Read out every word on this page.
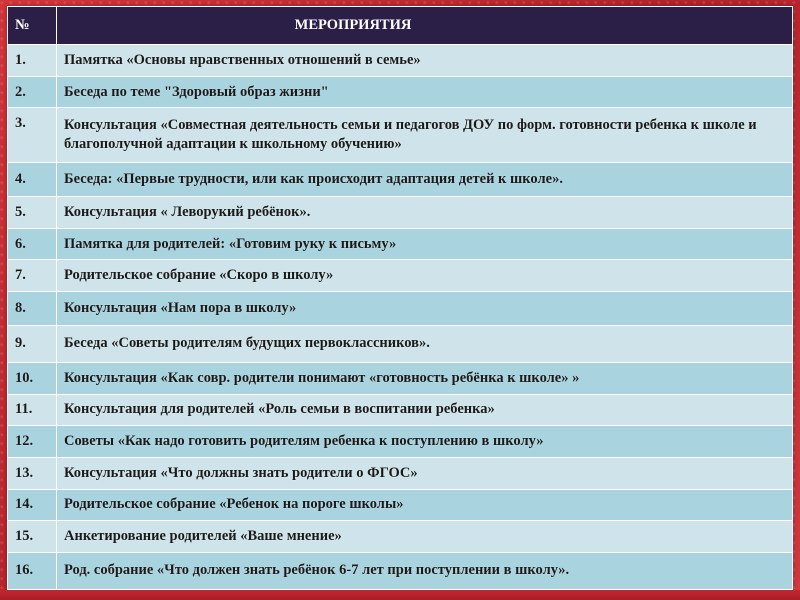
№	МЕРОПРИЯТИЯ
1.	Памятка «Основы нравственных отношений в семье»
2.	Беседа по теме "Здоровый образ жизни"
3.	Консультация «Совместная деятельность семьи и педагогов ДОУ по форм. готовности ребенка к школе и благополучной адаптации к школьному обучению»
4.	Беседа: «Первые трудности, или как происходит адаптация детей к школе».
5.	Консультация « Леворукий ребёнок».
6.	Памятка для родителей: «Готовим руку к письму»
7.	Родительское собрание «Скоро в школу»
8.	Консультация «Нам пора в школу»
9.	Беседа «Советы родителям будущих первоклассников».
10.	Консультация «Как совр. родители понимают «готовность ребёнка к школе» »
11.	Консультация для родителей «Роль семьи в воспитании ребенка»
12.	Советы «Как надо готовить родителям ребенка к поступлению в школу»
13.	Консультация «Что должны знать родители о ФГОС»
14.	Родительское собрание «Ребенок на пороге школы»
15.	Анкетирование родителей «Ваше мнение»
16.	Род. собрание «Что должен знать ребёнок 6-7 лет при поступлении в школу».
